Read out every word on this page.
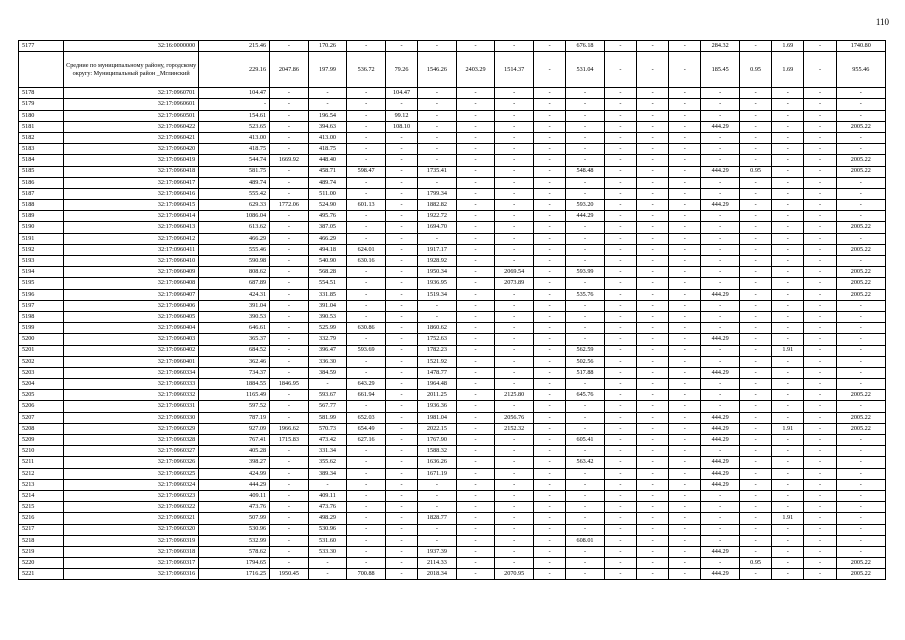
110
5177	32:16:0000000	215.46	-	170.26	-	-	-	-	-	-	676.18	-	-	-	284.32	-	1.69	-	1740.80
	Средние по муниципальному району, городскому округу: Муниципальный район _Мглинский	229.16	2047.86	197.99	536.72	79.26	1546.26	2403.29	1514.37	-	531.04	-	-	-	185.45	0.95	1.69	-	955.46
5178	32:17:0960701	104.47	-	-	-	104.47	-	-	-	-	-	-	-	-	-	-	-	-	-
5179	32:17:0960601	-	-	-	-	-	-	-	-	-	-	-	-	-	-	-	-	-	-
5180	32:17:0960501	154.61	-	196.54	-	99.12	-	-	-	-	-	-	-	-	-	-	-	-	-
5181	32:17:0960422	523.65	-	394.63	-	108.10	-	-	-	-	-	-	-	-	444.29	-	-	-	2005.22
5182	32:17:0960421	413.00	-	413.00	-	-	-	-	-	-	-	-	-	-	-	-	-	-	-
5183	32:17:0960420	418.75	-	418.75	-	-	-	-	-	-	-	-	-	-	-	-	-	-	-
5184	32:17:0960419	544.74	1669.92	448.40	-	-	-	-	-	-	-	-	-	-	-	-	-	-	2005.22
5185	32:17:0960418	581.75	-	458.71	598.47	-	1735.41	-	-	-	548.48	-	-	-	444.29	0.95	-	-	2005.22
5186	32:17:0960417	489.74	-	489.74	-	-	-	-	-	-	-	-	-	-	-	-	-	-	-
5187	32:17:0960416	555.42	-	511.00	-	-	1799.34	-	-	-	-	-	-	-	-	-	-	-	-
5188	32:17:0960415	629.33	1772.06	524.90	601.13	-	1882.82	-	-	-	593.20	-	-	-	444.29	-	-	-	-
5189	32:17:0960414	1086.04	-	495.76	-	-	1922.72	-	-	-	444.29	-	-	-	-	-	-	-	-
5190	32:17:0960413	613.62	-	387.05	-	-	1694.70	-	-	-	-	-	-	-	-	-	-	-	2005.22
5191	32:17:0960412	466.29	-	466.29	-	-	-	-	-	-	-	-	-	-	-	-	-	-	-
5192	32:17:0960411	555.46	-	494.18	624.01	-	1917.17	-	-	-	-	-	-	-	-	-	-	-	2005.22
5193	32:17:0960410	590.98	-	540.90	630.16	-	1928.92	-	-	-	-	-	-	-	-	-	-	-	-
5194	32:17:0960409	808.62	-	568.28	-	-	1950.34	-	2069.54	-	593.99	-	-	-	-	-	-	-	2005.22
5195	32:17:0960408	687.89	-	554.51	-	-	1936.95	-	2073.89	-	-	-	-	-	-	-	-	-	2005.22
5196	32:17:0960407	424.31	-	331.85	-	-	1519.34	-	-	-	535.76	-	-	-	444.29	-	-	-	2005.22
5197	32:17:0960406	391.04	-	391.04	-	-	-	-	-	-	-	-	-	-	-	-	-	-	-
5198	32:17:0960405	390.53	-	390.53	-	-	-	-	-	-	-	-	-	-	-	-	-	-	-
5199	32:17:0960404	646.61	-	525.99	630.86	-	1860.62	-	-	-	-	-	-	-	-	-	-	-	-
5200	32:17:0960403	365.37	-	332.79	-	-	1752.63	-	-	-	-	-	-	-	444.29	-	-	-	-
5201	32:17:0960402	684.52	-	396.47	593.69	-	1782.23	-	-	-	562.59	-	-	-	-	-	1.91	-	-
5202	32:17:0960401	362.46	-	336.30	-	-	1521.92	-	-	-	502.56	-	-	-	-	-	-	-	-
5203	32:17:0960334	734.37	-	384.59	-	-	1478.77	-	-	-	517.88	-	-	-	444.29	-	-	-	-
5204	32:17:0960333	1884.55	1846.95	-	643.29	-	1964.48	-	-	-	-	-	-	-	-	-	-	-	-
5205	32:17:0960332	1165.49	-	593.67	661.94	-	2011.25	-	2125.80	-	645.76	-	-	-	-	-	-	-	2005.22
5206	32:17:0960331	597.52	-	567.77	-	-	1936.36	-	-	-	-	-	-	-	-	-	-	-	-
5207	32:17:0960330	787.19	-	581.99	652.03	-	1981.04	-	2056.76	-	-	-	-	-	444.29	-	-	-	2005.22
5208	32:17:0960329	927.09	1966.62	570.73	654.49	-	2022.15	-	2152.32	-	-	-	-	-	444.29	-	1.91	-	2005.22
5209	32:17:0960328	767.41	1715.83	473.42	627.16	-	1767.90	-	-	-	605.41	-	-	-	444.29	-	-	-	-
5210	32:17:0960327	405.28	-	331.34	-	-	1588.32	-	-	-	-	-	-	-	-	-	-	-	-
5211	32:17:0960326	398.27	-	355.62	-	-	1636.26	-	-	-	563.42	-	-	-	444.29	-	-	-	-
5212	32:17:0960325	424.99	-	389.34	-	-	1671.19	-	-	-	-	-	-	-	444.29	-	-	-	-
5213	32:17:0960324	444.29	-	-	-	-	-	-	-	-	-	-	-	-	444.29	-	-	-	-
5214	32:17:0960323	409.11	-	409.11	-	-	-	-	-	-	-	-	-	-	-	-	-	-	-
5215	32:17:0960322	473.76	-	473.76	-	-	-	-	-	-	-	-	-	-	-	-	-	-	-
5216	32:17:0960321	507.99	-	498.29	-	-	1828.77	-	-	-	-	-	-	-	-	-	1.91	-	-
5217	32:17:0960320	530.96	-	530.96	-	-	-	-	-	-	-	-	-	-	-	-	-	-	-
5218	32:17:0960319	532.99	-	531.60	-	-	-	-	-	-	608.01	-	-	-	-	-	-	-	-
5219	32:17:0960318	578.62	-	533.30	-	-	1937.39	-	-	-	-	-	-	-	444.29	-	-	-	-
5220	32:17:0960317	1794.65	-	-	-	-	2114.33	-	-	-	-	-	-	-	-	0.95	-	-	2005.22
5221	32:17:0960316	1716.25	1950.45	-	700.88	-	2018.34	-	2070.95	-	-	-	-	-	444.29	-	-	-	2005.22
